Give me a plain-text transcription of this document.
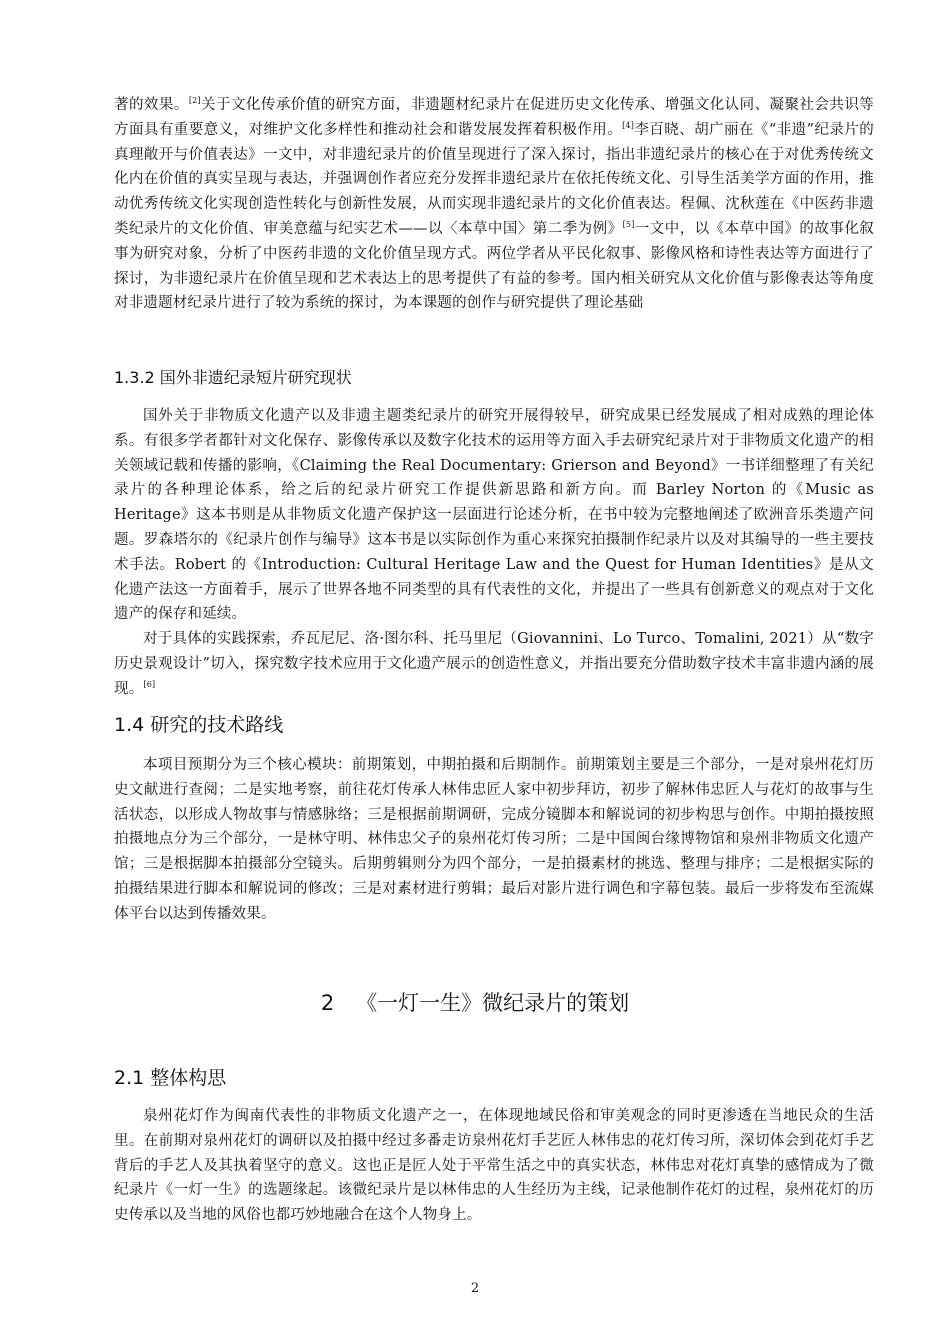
著的效果。[2]关于文化传承价值的研究方面，非遗题材纪录片在促进历史文化传承、增强文化认同、凝聚社会共识等方面具有重要意义，对维护文化多样性和推动社会和谐发展发挥着积极作用。[4]李百晓、胡广丽在《“非遗”纪录片的真理敞开与价值表达》一文中，对非遗纪录片的价值呈现进行了深入探讨，指出非遗纪录片的核心在于对优秀传统文化内在价值的真实呈现与表达，并强调创作者应充分发挥非遗纪录片在依托传统文化、引导生活美学方面的作用，推动优秀传统文化实现创造性转化与创新性发展，从而实现非遗纪录片的文化价值表达。程佩、沈秋莲在《中医药非遗类纪录片的文化价值、审美意蕴与纪实艺术——以〈本草中国〉第二季为例》[5]一文中，以《本草中国》的故事化叙事为研究对象，分析了中医药非遗的文化价值呈现方式。两位学者从平民化叙事、影像风格和诗性表达等方面进行了探讨，为非遗纪录片在价值呈现和艺术表达上的思考提供了有益的参考。国内相关研究从文化价值与影像表达等角度对非遗题材纪录片进行了较为系统的探讨，为本课题的创作与研究提供了理论基础

1.3.2 国外非遗纪录短片研究现状

国外关于非物质文化遗产以及非遗主题类纪录片的研究开展得较早，研究成果已经发展成了相对成熟的理论体系。有很多学者都针对文化保存、影像传承以及数字化技术的运用等方面入手去研究纪录片对于非物质文化遗产的相关领域记载和传播的影响，《Claiming the Real Documentary: Grierson and Beyond》一书详细整理了有关纪录片的各种理论体系，给之后的纪录片研究工作提供新思路和新方向。而 Barley Norton 的《Music as Heritage》这本书则是从非物质文化遗产保护这一层面进行论述分析，在书中较为完整地阐述了欧洲音乐类遗产问题。罗森塔尔的《纪录片创作与编导》这本书是以实际创作为重心来探究拍摄制作纪录片以及对其编导的一些主要技术手法。Robert 的《Introduction: Cultural Heritage Law and the Quest for Human Identities》是从文化遗产法这一方面着手，展示了世界各地不同类型的具有代表性的文化，并提出了一些具有创新意义的观点对于文化遗产的保存和延续。

对于具体的实践探索，乔瓦尼尼、洛·图尔科、托马里尼（Giovannini、Lo Turco、Tomalini, 2021）从“数字历史景观设计”切入，探究数字技术应用于文化遗产展示的创造性意义，并指出要充分借助数字技术丰富非遗内涵的展现。[6]

1.4 研究的技术路线

本项目预期分为三个核心模块：前期策划，中期拍摄和后期制作。前期策划主要是三个部分，一是对泉州花灯历史文献进行查阅；二是实地考察，前往花灯传承人林伟忠匠人家中初步拜访，初步了解林伟忠匠人与花灯的故事与生活状态，以形成人物故事与情感脉络；三是根据前期调研，完成分镜脚本和解说词的初步构思与创作。中期拍摄按照拍摄地点分为三个部分，一是林守明、林伟忠父子的泉州花灯传习所；二是中国闽台缘博物馆和泉州非物质文化遗产馆；三是根据脚本拍摄部分空镜头。后期剪辑则分为四个部分，一是拍摄素材的挑选、整理与排序；二是根据实际的拍摄结果进行脚本和解说词的修改；三是对素材进行剪辑；最后对影片进行调色和字幕包装。最后一步将发布至流媒体平台以达到传播效果。

2 《一灯一生》微纪录片的策划
2.1 整体构思

泉州花灯作为闽南代表性的非物质文化遗产之一，在体现地域民俗和审美观念的同时更渗透在当地民众的生活里。在前期对泉州花灯的调研以及拍摄中经过多番走访泉州花灯手艺匠人林伟忠的花灯传习所，深切体会到花灯手艺背后的手艺人及其执着坚守的意义。这也正是匠人处于平常生活之中的真实状态，林伟忠对花灯真挚的感情成为了微纪录片《一灯一生》的选题缘起。该微纪录片是以林伟忠的人生经历为主线，记录他制作花灯的过程，泉州花灯的历史传承以及当地的风俗也都巧妙地融合在这个人物身上。

2
